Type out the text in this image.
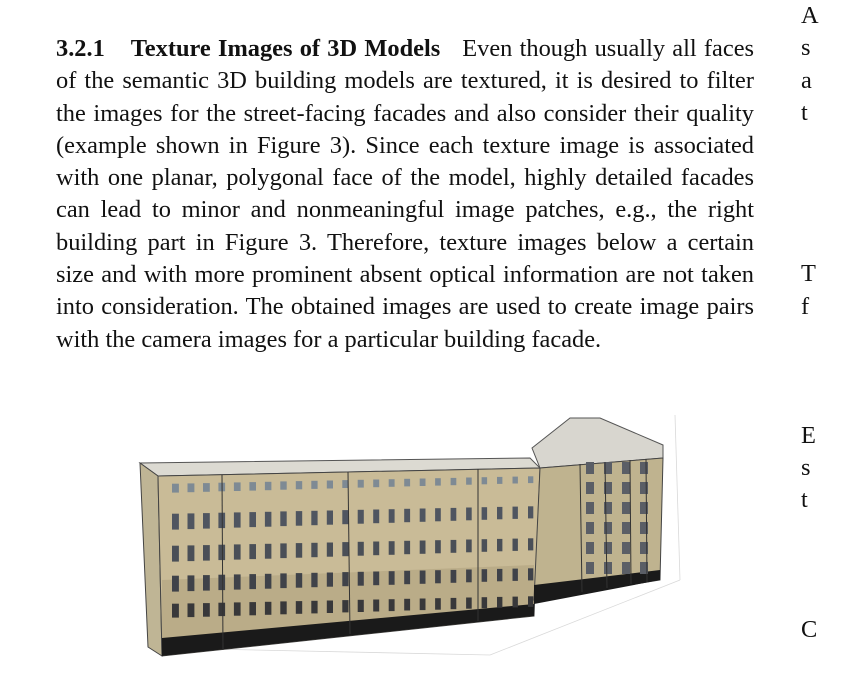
3.2.1 Texture Images of 3D Models Even though usually all faces of the semantic 3D building models are textured, it is desired to filter the images for the street-facing facades and also consider their quality (example shown in Figure 3). Since each texture image is associated with one planar, polygonal face of the model, highly detailed facades can lead to minor and nonmeaningful image patches, e.g., the right building part in Figure 3. Therefore, texture images below a certain size and with more prominent absent optical information are not taken into consideration. The obtained images are used to create image pairs with the camera images for a particular building facade.
A
s
a
t
T
f
E
s
t
C
